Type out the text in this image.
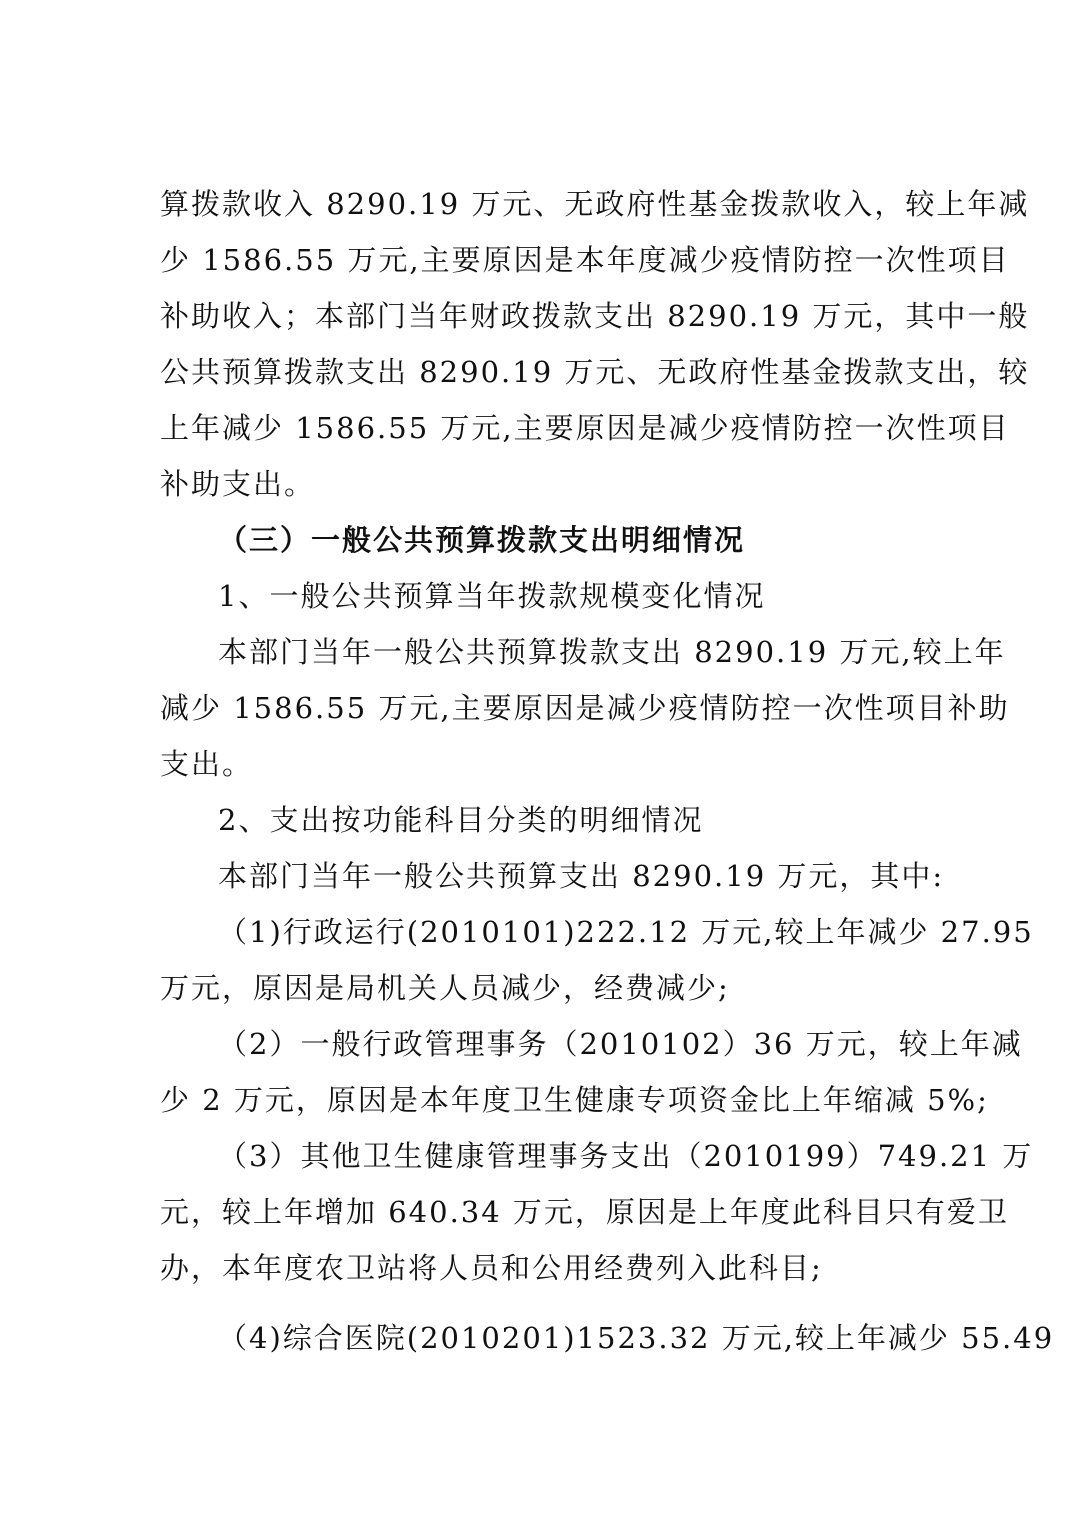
算拨款收入 8290.19 万元、无政府性基金拨款收入，较上年减
少 1586.55 万元,主要原因是本年度减少疫情防控一次性项目
补助收入；本部门当年财政拨款支出 8290.19 万元，其中一般
公共预算拨款支出 8290.19 万元、无政府性基金拨款支出，较
上年减少 1586.55 万元,主要原因是减少疫情防控一次性项目
补助支出。
（三）一般公共预算拨款支出明细情况
1、一般公共预算当年拨款规模变化情况
本部门当年一般公共预算拨款支出 8290.19 万元,较上年
减少 1586.55 万元,主要原因是减少疫情防控一次性项目补助
支出。
2、支出按功能科目分类的明细情况
本部门当年一般公共预算支出 8290.19 万元，其中:
（1)行政运行(2010101)222.12 万元,较上年减少 27.95
万元，原因是局机关人员减少，经费减少;
（2）一般行政管理事务（2010102）36 万元，较上年减
少 2 万元，原因是本年度卫生健康专项资金比上年缩减 5%;
（3）其他卫生健康管理事务支出（2010199）749.21 万
元，较上年增加 640.34 万元，原因是上年度此科目只有爱卫
办，本年度农卫站将人员和公用经费列入此科目;
（4)综合医院(2010201)1523.32 万元,较上年减少 55.49
